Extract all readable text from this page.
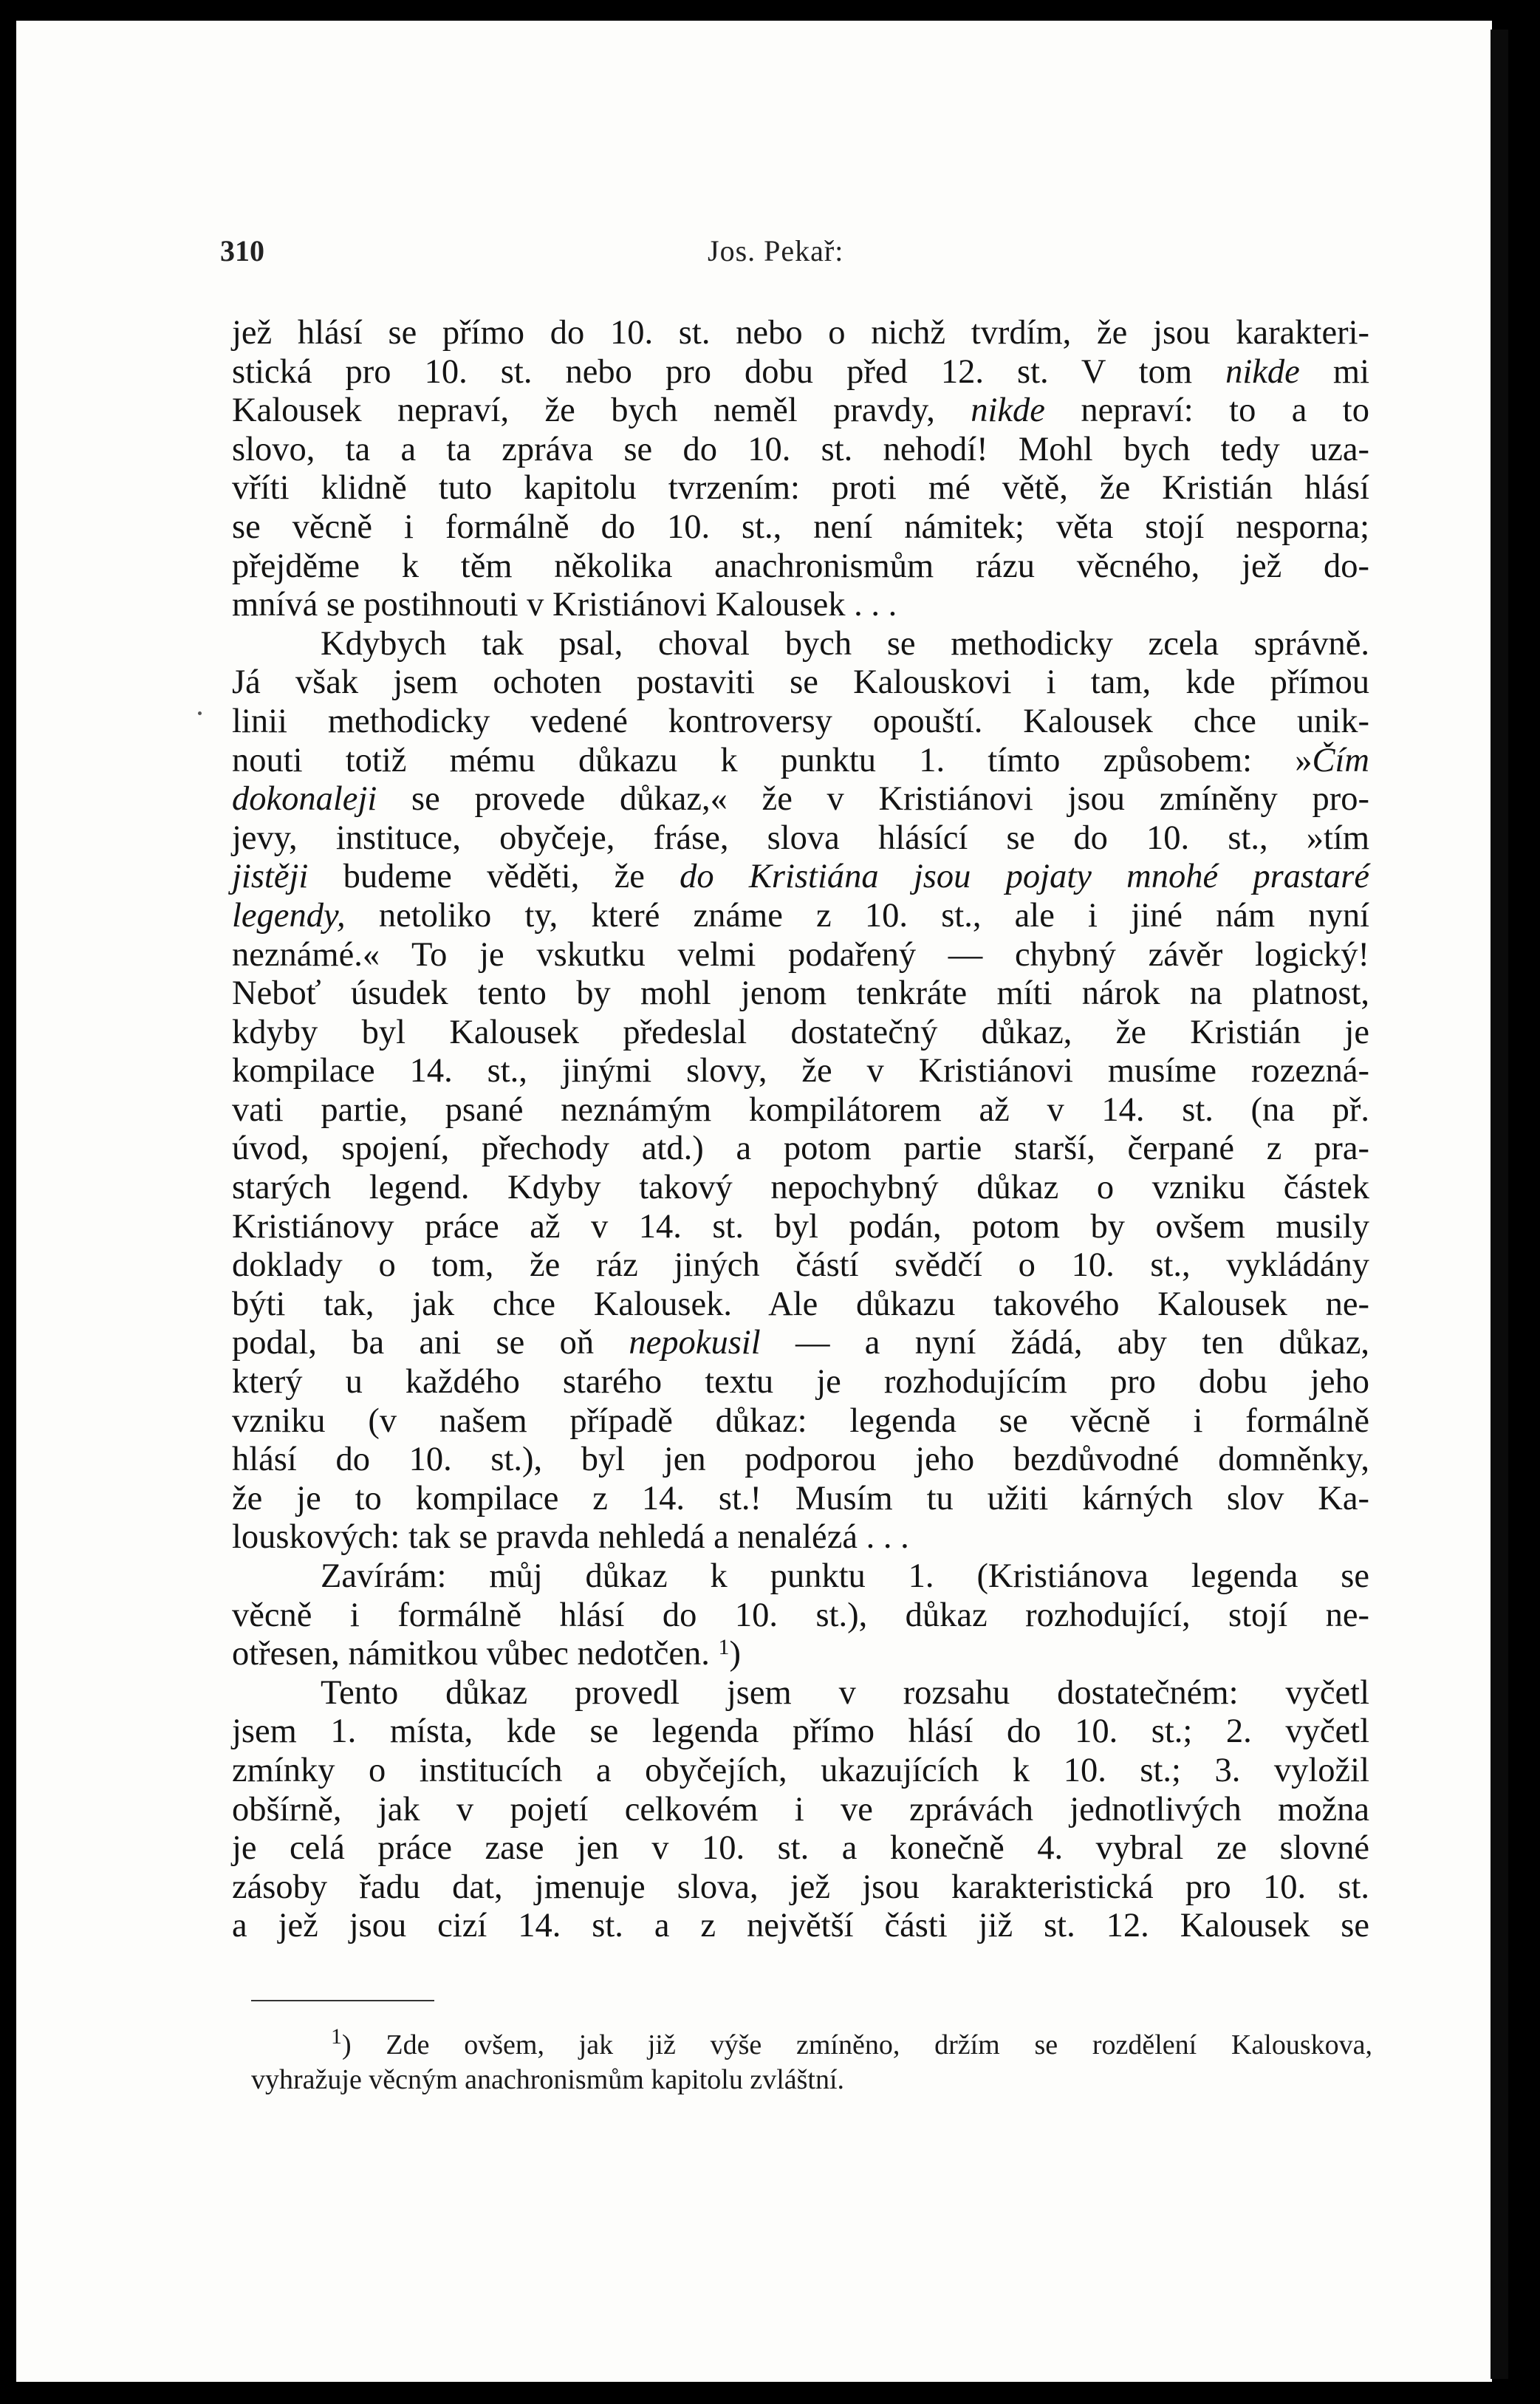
310	Jos. Pekař:
jež hlásí se přímo do 10. st. nebo o nichž tvrdím, že jsou karakteri-
stická pro 10. st. nebo pro dobu před 12. st. V tom nikde mi
Kalousek nepraví, že bych neměl pravdy, nikde nepraví: to a to
slovo, ta a ta zpráva se do 10. st. nehodí! Mohl bych tedy uza-
vříti klidně tuto kapitolu tvrzením: proti mé větě, že Kristián hlásí
se věcně i formálně do 10. st., není námitek; věta stojí nesporna;
přejděme k těm několika anachronismům rázu věcného, jež do-
mnívá se postihnouti v Kristiánovi Kalousek . . .
Kdybych tak psal, choval bych se methodicky zcela správně.
Já však jsem ochoten postaviti se Kalouskovi i tam, kde přímou
linii methodicky vedené kontroversy opouští. Kalousek chce unik-
nouti totiž mému důkazu k punktu 1. tímto způsobem: »Čím
dokonaleji se provede důkaz,« že v Kristiánovi jsou zmíněny pro-
jevy, instituce, obyčeje, fráse, slova hlásící se do 10. st., »tím
jistěji budeme věděti, že do Kristiána jsou pojaty mnohé prastaré
legendy, netoliko ty, které známe z 10. st., ale i jiné nám nyní
neznámé.« To je vskutku velmi podařený — chybný závěr logický!
Neboť úsudek tento by mohl jenom tenkráte míti nárok na platnost,
kdyby byl Kalousek předeslal dostatečný důkaz, že Kristián je
kompilace 14. st., jinými slovy, že v Kristiánovi musíme rozezná-
vati partie, psané neznámým kompilátorem až v 14. st. (na př.
úvod, spojení, přechody atd.) a potom partie starší, čerpané z pra-
starých legend. Kdyby takový nepochybný důkaz o vzniku částek
Kristiánovy práce až v 14. st. byl podán, potom by ovšem musily
doklady o tom, že ráz jiných částí svědčí o 10. st., vykládány
býti tak, jak chce Kalousek. Ale důkazu takového Kalousek ne-
podal, ba ani se oň nepokusil — a nyní žádá, aby ten důkaz,
který u každého starého textu je rozhodujícím pro dobu jeho
vzniku (v našem případě důkaz: legenda se věcně i formálně
hlásí do 10. st.), byl jen podporou jeho bezdůvodné domněnky,
že je to kompilace z 14. st.! Musím tu užiti kárných slov Ka-
louskových: tak se pravda nehledá a nenalézá . . .
Zavírám: můj důkaz k punktu 1. (Kristiánova legenda se
věcně i formálně hlásí do 10. st.), důkaz rozhodující, stojí ne-
otřesen, námitkou vůbec nedotčen. $^1$)
Tento důkaz provedl jsem v rozsahu dostatečném: vyčetl
jsem 1. místa, kde se legenda přímo hlásí do 10. st.; 2. vyčetl
zmínky o institucích a obyčejích, ukazujících k 10. st.; 3. vyložil
obšírně, jak v pojetí celkovém i ve zprávách jednotlivých možna
je celá práce zase jen v 10. st. a konečně 4. vybral ze slovné
zásoby řadu dat, jmenuje slova, jež jsou karakteristická pro 10. st.
a jež jsou cizí 14. st. a z největší části již st. 12. Kalousek se
$^1$) Zde ovšem, jak již výše zmíněno, držím se rozdělení Kalouskova,
vyhražuje věcným anachronismům kapitolu zvláštní.
